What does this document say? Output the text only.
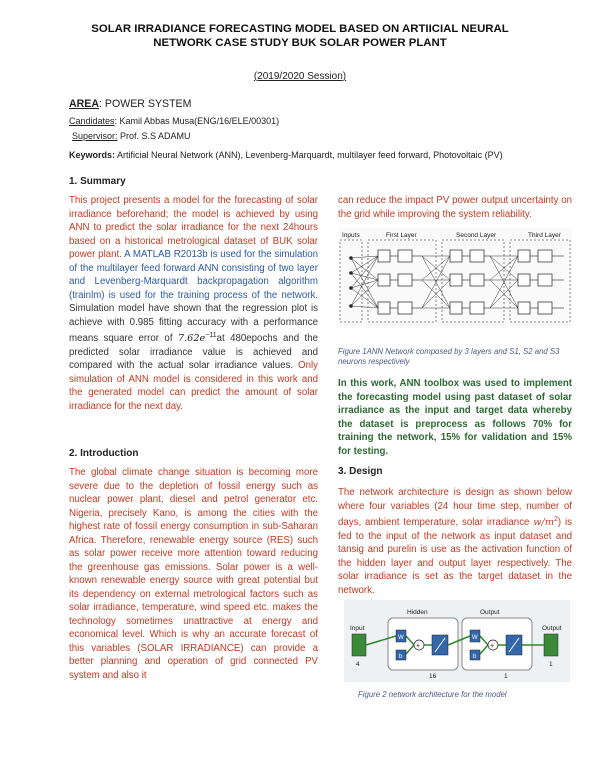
SOLAR IRRADIANCE FORECASTING MODEL BASED ON ARTIICIAL NEURAL
NETWORK CASE STUDY BUK SOLAR POWER PLANT
(2019/2020 Session)
AREA: POWER SYSTEM
Candidates: Kamil Abbas Musa(ENG/16/ELE/00301)
Supervisor: Prof. S.S ADAMU
Keywords: Artificial Neural Network (ANN), Levenberg-Marquardt, multilayer feed forward, Photovoltaic (PV)
1. Summary
This project presents a model for the forecasting of solar irradiance beforehand; the model is achieved by using ANN to predict the solar irradiance for the next 24hours based on a historical metrological dataset of BUK solar power plant. A MATLAB R2013b is used for the simulation of the multilayer feed forward ANN consisting of two layer and Levenberg-Marquardt backpropagation algorithm (trainlm) is used for the training process of the network. Simulation model have shown that the regression plot is achieve with 0.985 fitting accuracy with a performance means square error of $7.62e^{-11}at$ 480epochs and the predicted solar irradiance value is achieved and compared with the actual solar irradiance values. Only simulation of ANN model is considered in this work and the generated model can predict the amount of solar irradiance for the next day.
2. Introduction
The global climate change situation is becoming more severe due to the depletion of fossil energy such as nuclear power plant, diesel and petrol generator etc. Nigeria, precisely Kano, is among the cities with the highest rate of fossil energy consumption in sub-Saharan Africa. Therefore, renewable energy source (RES) such as solar power receive more attention toward reducing the greenhouse gas emissions. Solar power is a well-known renewable energy source with great potential but its dependency on external metrological factors such as solar irradiance, temperature, wind speed etc. makes the technology sometimes unattractive at energy and economical level. Which is why an accurate forecast of this variables (SOLAR IRRADIANCE) can provide a better planning and operation of grid connected PV system and also it
can reduce the impact PV power output uncertainty on the grid while improving the system reliability.
Inputs	First Layer	Second Layer	Third Layer
Figure 1ANN Network composed by 3 layers and S1, S2 and S3 neurons respectively
In this work, ANN toolbox was used to implement the forecasting model using past dataset of solar irradiance as the input and target data whereby the dataset is preprocess as follows 70% for training the network, 15% for validation and 15% for testing.
3. Design
The network architecture is design as shown below where four variables (24 hour time step, number of days, ambient temperature, solar irradiance $w/m^2$) is fed to the input of the network as input dataset and tansig and purelin is use as the activation function of the hidden layer and output layer respectively. The solar irradiance is set as the target dataset in the network.
Input
Hidden	Output
Output
W
b
W
b
+	+
4
16	1
1
Figure 2 network architecture for the model
